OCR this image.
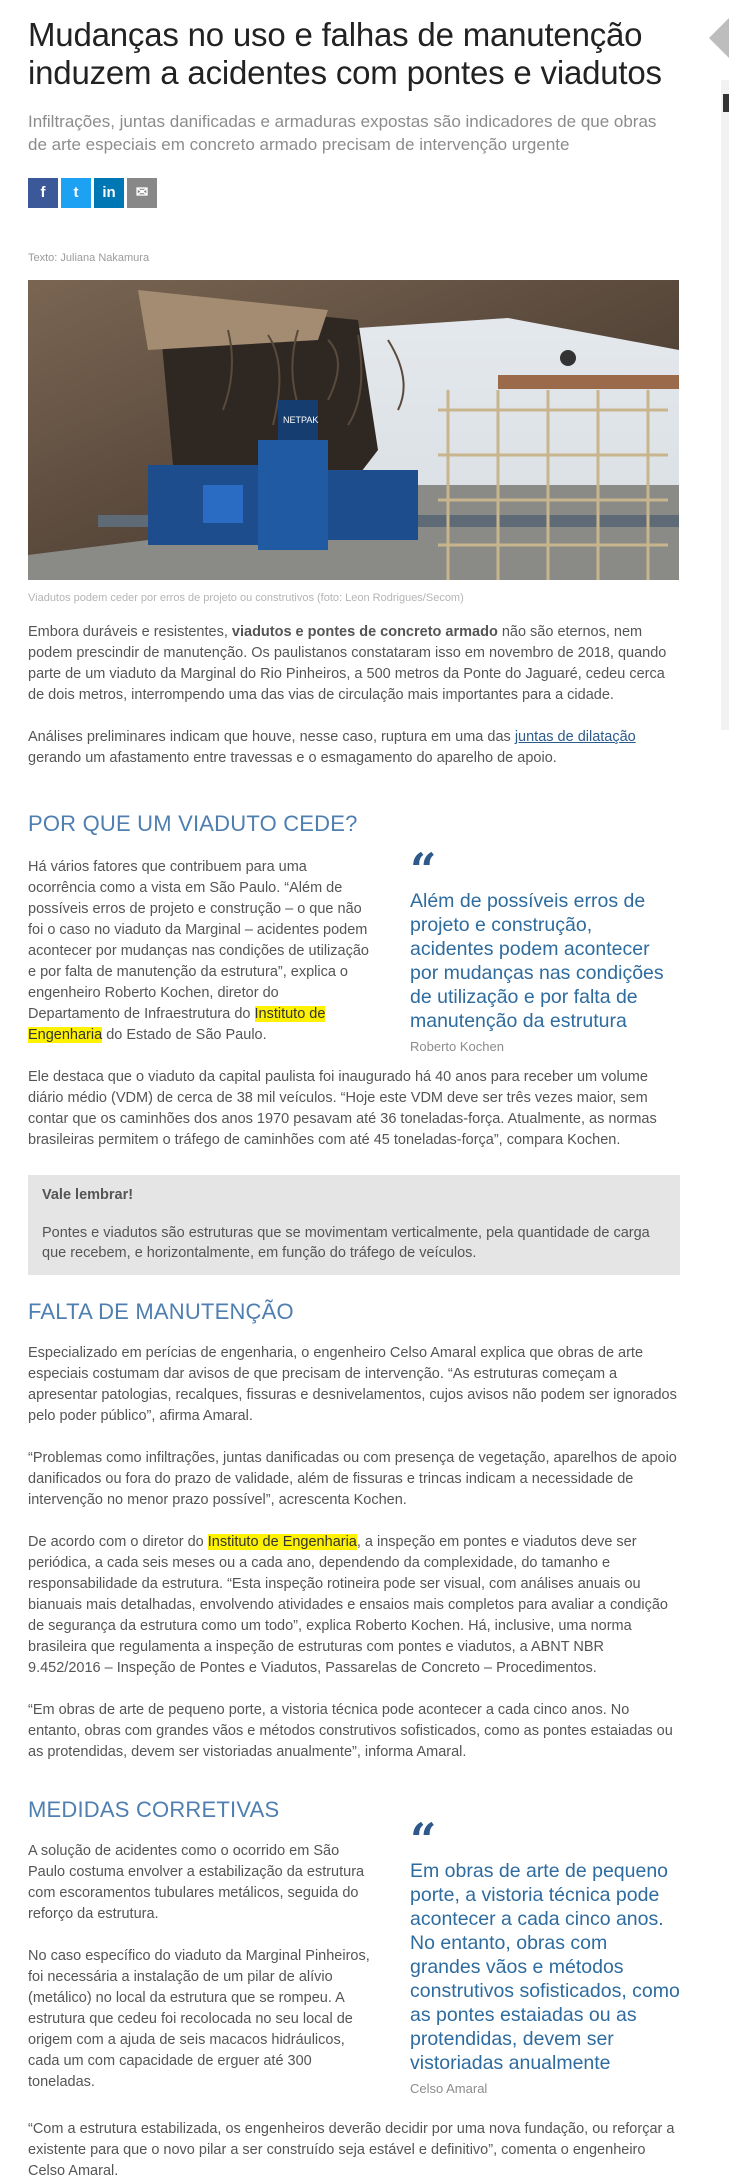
Mudanças no uso e falhas de manutenção induzem a acidentes com pontes e viadutos
Infiltrações, juntas danificadas e armaduras expostas são indicadores de que obras de arte especiais em concreto armado precisam de intervenção urgente
f t in ✉
Texto: Juliana Nakamura
NETPAK
Viadutos podem ceder por erros de projeto ou construtivos (foto: Leon Rodrigues/Secom)

Embora duráveis e resistentes, viadutos e pontes de concreto armado não são eternos, nem podem prescindir de manutenção. Os paulistanos constataram isso em novembro de 2018, quando parte de um viaduto da Marginal do Rio Pinheiros, a 500 metros da Ponte do Jaguaré, cedeu cerca de dois metros, interrompendo uma das vias de circulação mais importantes para a cidade.

Análises preliminares indicam que houve, nesse caso, ruptura em uma das juntas de dilatação gerando um afastamento entre travessas e o esmagamento do aparelho de apoio.

POR QUE UM VIADUTO CEDE?
“
Além de possíveis erros de projeto e construção, acidentes podem acontecer por mudanças nas condições de utilização e por falta de manutenção da estrutura
Roberto Kochen

Há vários fatores que contribuem para uma ocorrência como a vista em São Paulo. “Além de possíveis erros de projeto e construção – o que não foi o caso no viaduto da Marginal – acidentes podem acontecer por mudanças nas condições de utilização e por falta de manutenção da estrutura”, explica o engenheiro Roberto Kochen, diretor do Departamento de Infraestrutura do Instituto de Engenharia do Estado de São Paulo.

Ele destaca que o viaduto da capital paulista foi inaugurado há 40 anos para receber um volume diário médio (VDM) de cerca de 38 mil veículos. “Hoje este VDM deve ser três vezes maior, sem contar que os caminhões dos anos 1970 pesavam até 36 toneladas-força. Atualmente, as normas brasileiras permitem o tráfego de caminhões com até 45 toneladas-força”, compara Kochen.

Vale lembrar!
Pontes e viadutos são estruturas que se movimentam verticalmente, pela quantidade de carga que recebem, e horizontalmente, em função do tráfego de veículos.
FALTA DE MANUTENÇÃO

Especializado em perícias de engenharia, o engenheiro Celso Amaral explica que obras de arte especiais costumam dar avisos de que precisam de intervenção. “As estruturas começam a apresentar patologias, recalques, fissuras e desnivelamentos, cujos avisos não podem ser ignorados pelo poder público”, afirma Amaral.

“Problemas como infiltrações, juntas danificadas ou com presença de vegetação, aparelhos de apoio danificados ou fora do prazo de validade, além de fissuras e trincas indicam a necessidade de intervenção no menor prazo possível”, acrescenta Kochen.

De acordo com o diretor do Instituto de Engenharia, a inspeção em pontes e viadutos deve ser periódica, a cada seis meses ou a cada ano, dependendo da complexidade, do tamanho e responsabilidade da estrutura. “Esta inspeção rotineira pode ser visual, com análises anuais ou bianuais mais detalhadas, envolvendo atividades e ensaios mais completos para avaliar a condição de segurança da estrutura como um todo”, explica Roberto Kochen. Há, inclusive, uma norma brasileira que regulamenta a inspeção de estruturas com pontes e viadutos, a ABNT NBR 9.452/2016 – Inspeção de Pontes e Viadutos, Passarelas de Concreto – Procedimentos.

“Em obras de arte de pequeno porte, a vistoria técnica pode acontecer a cada cinco anos. No entanto, obras com grandes vãos e métodos construtivos sofisticados, como as pontes estaiadas ou as protendidas, devem ser vistoriadas anualmente”, informa Amaral.

“
Em obras de arte de pequeno porte, a vistoria técnica pode acontecer a cada cinco anos. No entanto, obras com grandes vãos e métodos construtivos sofisticados, como as pontes estaiadas ou as protendidas, devem ser vistoriadas anualmente
Celso Amaral
MEDIDAS CORRETIVAS

A solução de acidentes como o ocorrido em São Paulo costuma envolver a estabilização da estrutura com escoramentos tubulares metálicos, seguida do reforço da estrutura.

No caso específico do viaduto da Marginal Pinheiros, foi necessária a instalação de um pilar de alívio (metálico) no local da estrutura que se rompeu. A estrutura que cedeu foi recolocada no seu local de origem com a ajuda de seis macacos hidráulicos, cada um com capacidade de erguer até 300 toneladas.

“Com a estrutura estabilizada, os engenheiros deverão decidir por uma nova fundação, ou reforçar a existente para que o novo pilar a ser construído seja estável e definitivo”, comenta o engenheiro Celso Amaral.
